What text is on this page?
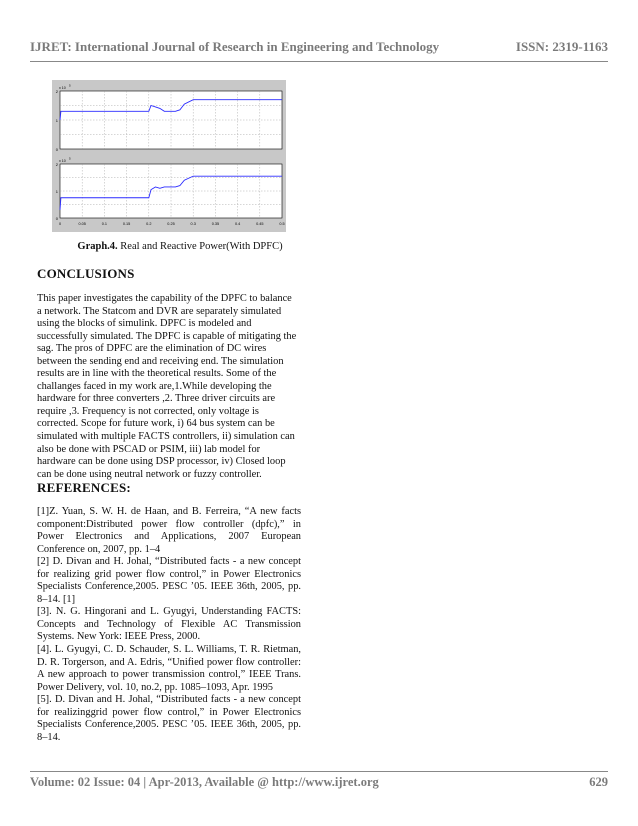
IJRET: International Journal of Research in Engineering and Technology	ISSN: 2319-1163
0
1
2
x 10
5
0
1
2
x 10
5
0	0.05	0.1	0.15	0.2	0.25	0.3	0.35	0.4	0.45	0.5
Graph.4. Real and Reactive Power(With DPFC)
CONCLUSIONS
This paper investigates the capability of the DPFC to balance
a network. The Statcom and DVR are separately simulated
using the blocks of simulink. DPFC is modeled and
successfully simulated. The DPFC is capable of mitigating the
sag. The pros of DPFC are the elimination of DC wires
between the sending end and receiving end. The simulation
results are in line with the theoretical results. Some of the
challanges faced in my work are,1.While developing the
hardware for three converters ,2. Three driver circuits are
require ,3. Frequency is not corrected, only voltage is
corrected. Scope for future work, i) 64 bus system can be
simulated with multiple FACTS controllers, ii) simulation can
also be done with PSCAD or PSIM, iii) lab model for
hardware can be done using DSP processor, iv) Closed loop
can be done using neutral network or fuzzy controller.
REFERENCES:
[1]Z. Yuan, S. W. H. de Haan, and B. Ferreira, “A new facts component:Distributed power flow controller (dpfc),” in Power Electronics and Applications, 2007 European Conference on, 2007, pp. 1–4
[2] D. Divan and H. Johal, “Distributed facts - a new concept for realizing grid power flow control,” in Power Electronics Specialists Conference,2005. PESC ’05. IEEE 36th, 2005, pp. 8–14. [1]
[3]. N. G. Hingorani and L. Gyugyi, Understanding FACTS: Concepts and Technology of Flexible AC Transmission Systems. New York: IEEE Press, 2000.
[4]. L. Gyugyi, C. D. Schauder, S. L. Williams, T. R. Rietman, D. R. Torgerson, and A. Edris, “Unified power flow controller: A new approach to power transmission control,” IEEE Trans. Power Delivery, vol. 10, no.2, pp. 1085–1093, Apr. 1995
[5]. D. Divan and H. Johal, “Distributed facts - a new concept for realizinggrid power flow control,” in Power Electronics Specialists Conference,2005. PESC ’05. IEEE 36th, 2005, pp. 8–14.
Volume: 02 Issue: 04 | Apr-2013, Available @ http://www.ijret.org	629
